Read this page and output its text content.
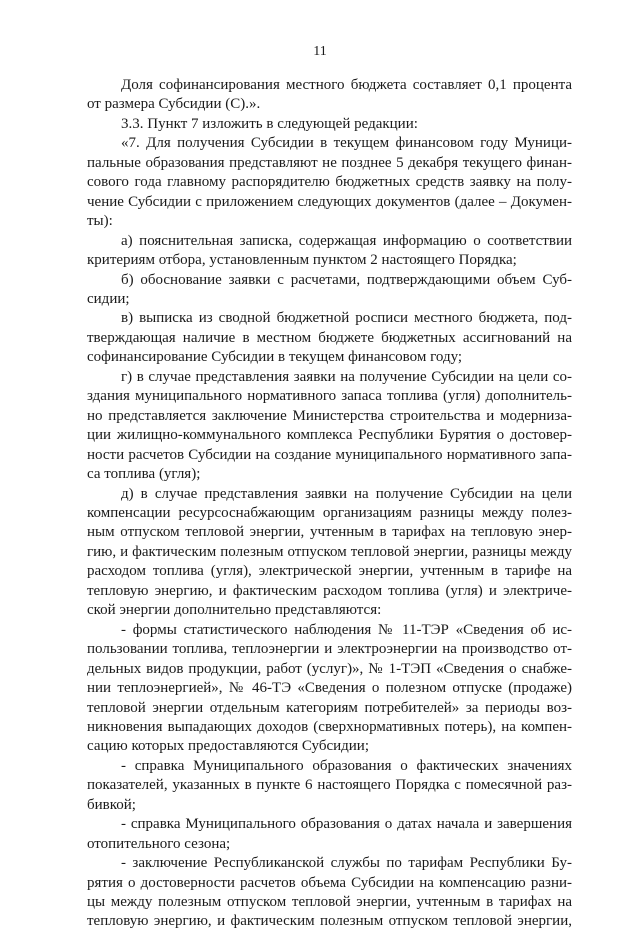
11
Доля софинансирования местного бюджета составляет 0,1 процента
от размера Субсидии (С).».
3.3. Пункт 7 изложить в следующей редакции:
«7. Для получения Субсидии в текущем финансовом году Муници-
пальные образования представляют не позднее 5 декабря текущего финан-
сового года главному распорядителю бюджетных средств заявку на полу-
чение Субсидии с приложением следующих документов (далее – Докумен-
ты):
а) пояснительная записка, содержащая информацию о соответствии
критериям отбора, установленным пунктом 2 настоящего Порядка;
б) обоснование заявки с расчетами, подтверждающими объем Суб-
сидии;
в) выписка из сводной бюджетной росписи местного бюджета, под-
тверждающая наличие в местном бюджете бюджетных ассигнований на
софинансирование Субсидии в текущем финансовом году;
г) в случае представления заявки на получение Субсидии на цели со-
здания муниципального нормативного запаса топлива (угля) дополнитель-
но представляется заключение Министерства строительства и модерниза-
ции жилищно-коммунального комплекса Республики Бурятия о достовер-
ности расчетов Субсидии на создание муниципального нормативного запа-
са топлива (угля);
д) в случае представления заявки на получение Субсидии на цели
компенсации ресурсоснабжающим организациям разницы между полез-
ным отпуском тепловой энергии, учтенным в тарифах на тепловую энер-
гию, и фактическим полезным отпуском тепловой энергии, разницы между
расходом топлива (угля), электрической энергии, учтенным в тарифе на
тепловую энергию, и фактическим расходом топлива (угля) и электриче-
ской энергии дополнительно представляются:
- формы статистического наблюдения № 11-ТЭР «Сведения об ис-
пользовании топлива, теплоэнергии и электроэнергии на производство от-
дельных видов продукции, работ (услуг)», № 1-ТЭП «Сведения о снабже-
нии теплоэнергией», № 46-ТЭ «Сведения о полезном отпуске (продаже)
тепловой энергии отдельным категориям потребителей» за периоды воз-
никновения выпадающих доходов (сверхнормативных потерь), на компен-
сацию которых предоставляются Субсидии;
- справка Муниципального образования о фактических значениях
показателей, указанных в пункте 6 настоящего Порядка с помесячной раз-
бивкой;
- справка Муниципального образования о датах начала и завершения
отопительного сезона;
- заключение Республиканской службы по тарифам Республики Бу-
рятия о достоверности расчетов объема Субсидии на компенсацию разни-
цы между полезным отпуском тепловой энергии, учтенным в тарифах на
тепловую энергию, и фактическим полезным отпуском тепловой энергии,
